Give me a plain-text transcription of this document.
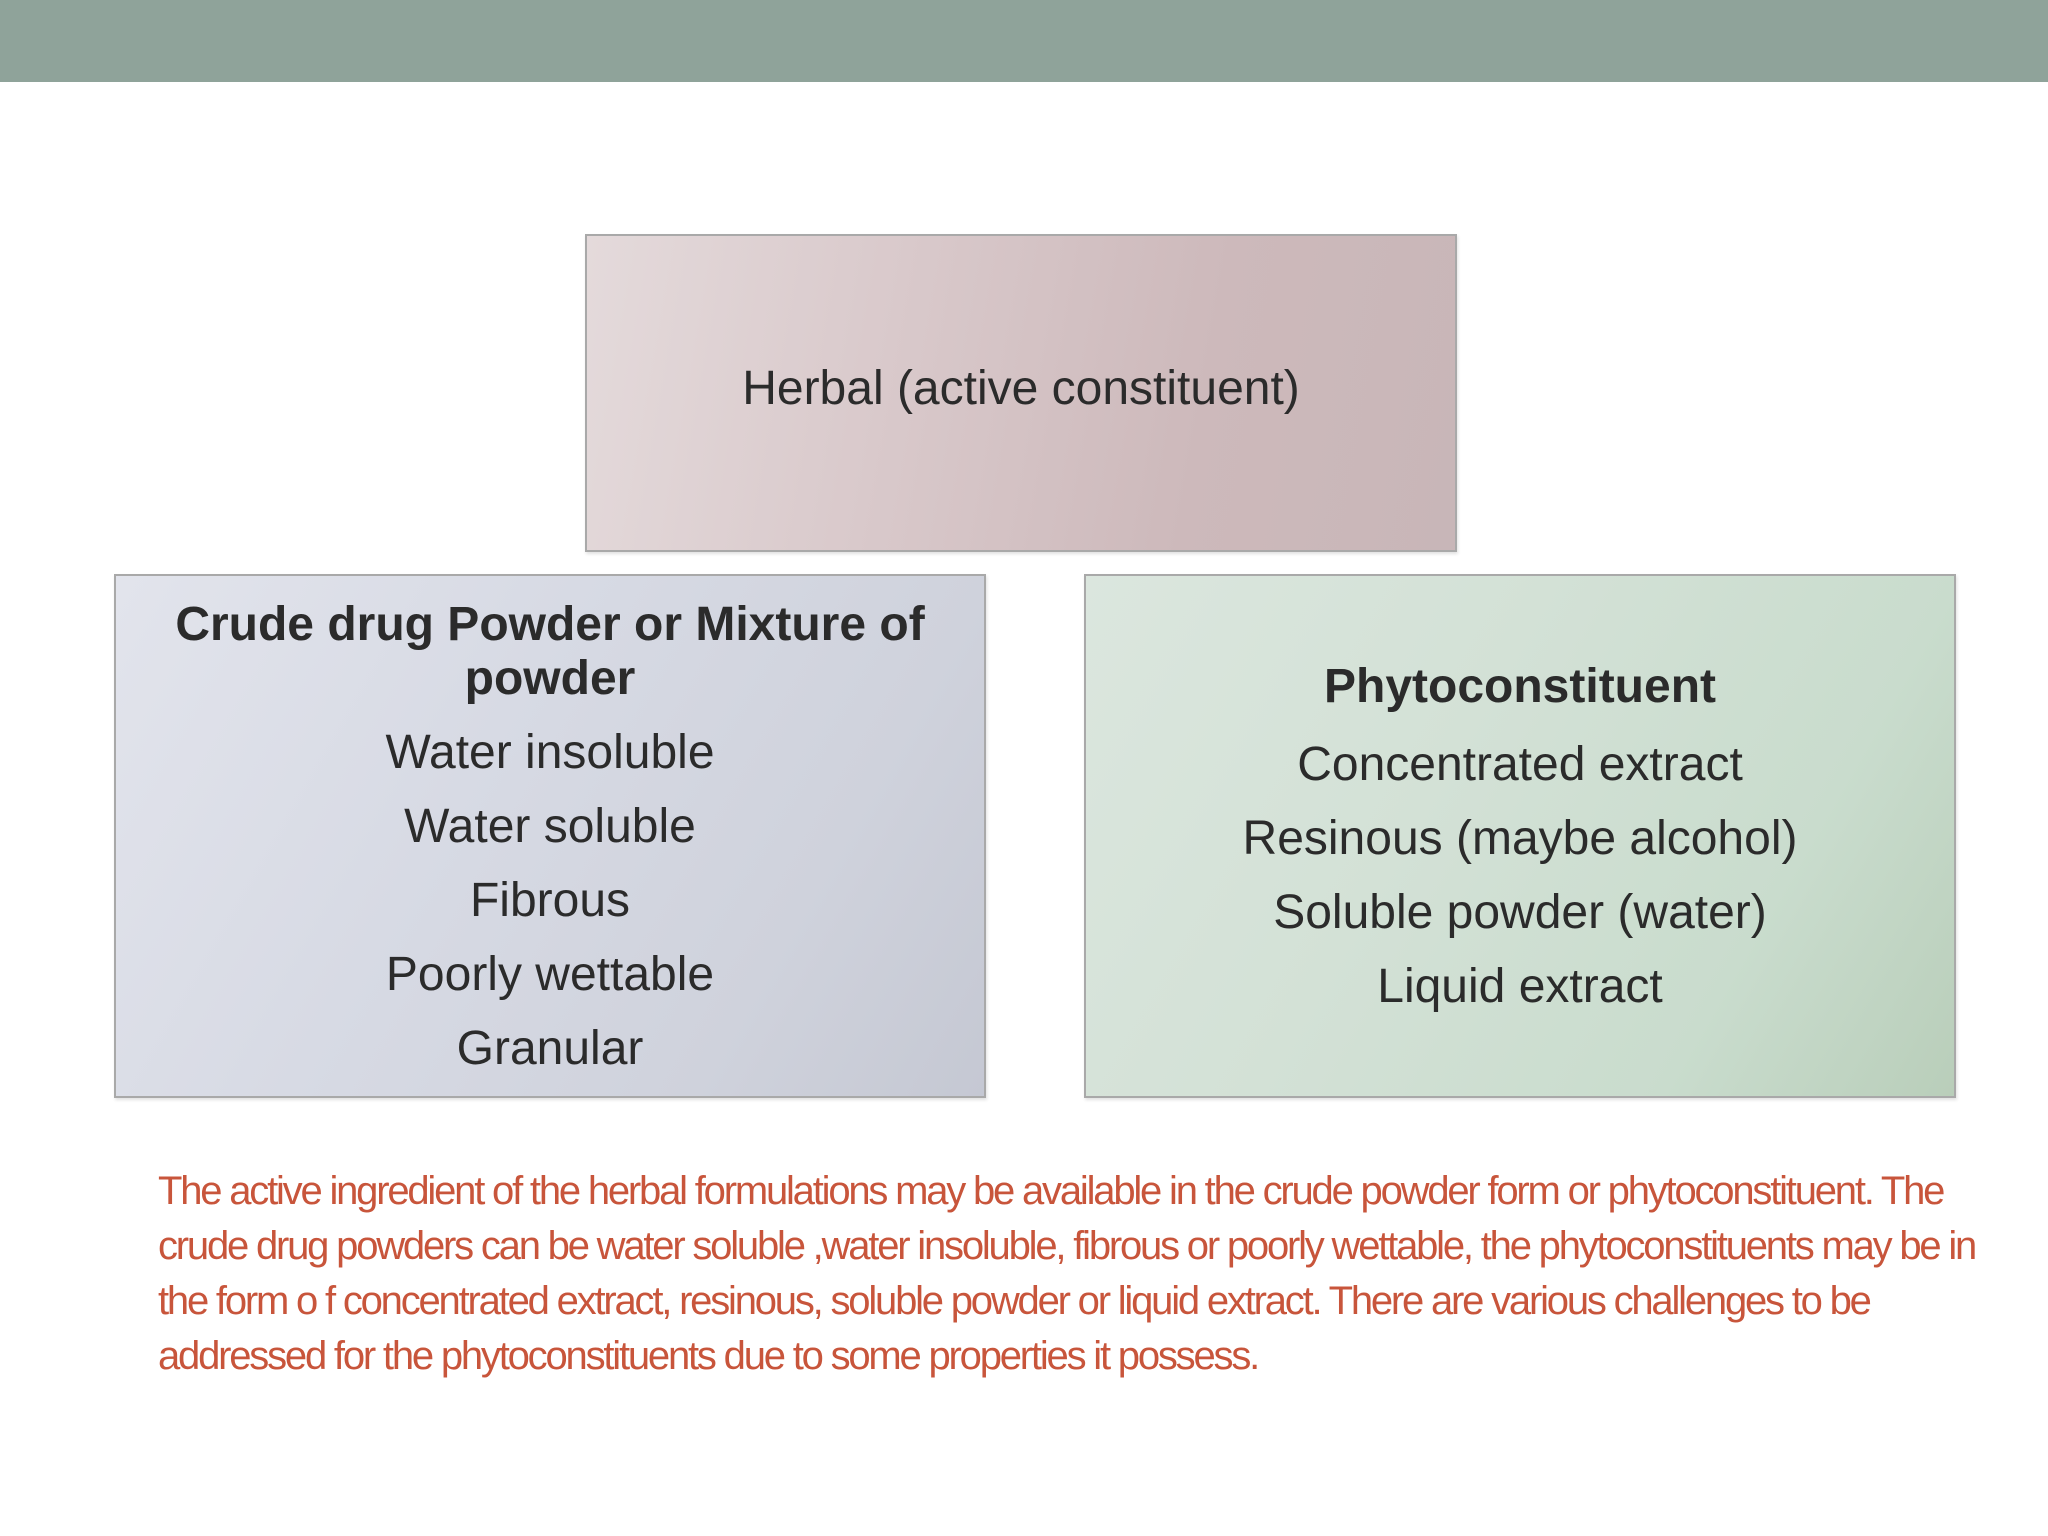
Herbal (active constituent)
Crude drug Powder or Mixture of powder
Water insoluble
Water soluble
Fibrous
Poorly wettable
Granular
Phytoconstituent
Concentrated extract
Resinous (maybe alcohol)
Soluble powder (water)
Liquid extract
The active ingredient of the herbal formulations may be available in the crude powder form or phytoconstituent. The crude drug powders can be water soluble ,water insoluble, fibrous or poorly wettable, the phytoconstituents may be in the form o f concentrated extract, resinous, soluble powder or liquid extract. There are various challenges to be addressed for the phytoconstituents due to some properties it possess.
